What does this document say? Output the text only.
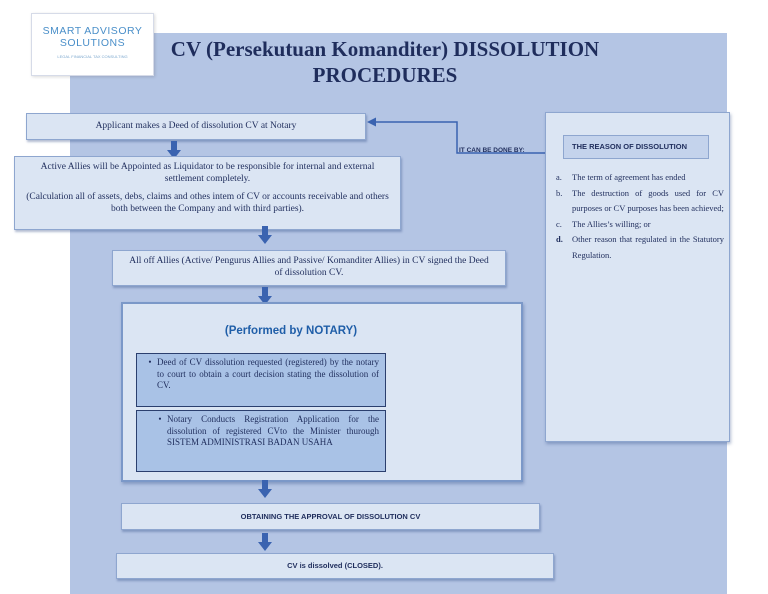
SMART ADVISORY
SOLUTIONS
LEGAL FINANCIAL TAX CONSULTING	CV (Persekutuan Komanditer) DISSOLUTION
PROCEDURES
IT CAN BE DONE BY:
Applicant makes a Deed of dissolution CV at Notary
Active Allies will be Appointed as Liquidator to be responsible for internal and external settlement completely.
(Calculation all of assets, debs, claims and othes intem of CV or accounts receivable and others both between the Company and with third parties).
All off Allies (Active/ Pengurus Allies and Passive/ Komanditer Allies) in CV signed the Deed of dissolution CV.
(Performed by NOTARY)
• Deed of CV dissolution requested (registered) by the notary to court to obtain a court decision stating the dissolution of CV.
• Notary Conducts Registration Application for the dissolution of registered CVto the Minister thurough SISTEM ADMINISTRASI BADAN USAHA
OBTAINING THE APPROVAL OF DISSOLUTION CV
CV is dissolved (CLOSED).
THE REASON OF DISSOLUTION
a.	The term of agreement has ended
b.	The destruction of goods used for CV purposes or CV purposes has been achieved;
c.	The Allies’s willing; or
d.	Other reason that regulated in the Statutory Regulation.
